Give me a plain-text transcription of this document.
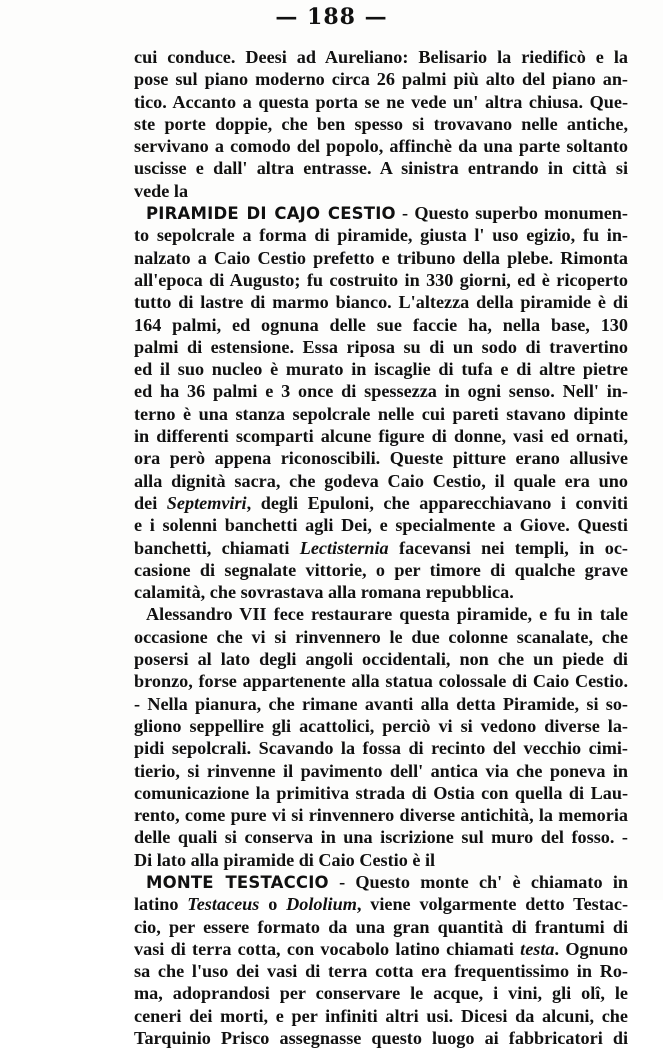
— 188 —
cui conduce. Deesi ad Aureliano: Belisario la riedificò e la
pose sul piano moderno circa 26 palmi più alto del piano an-
tico. Accanto a questa porta se ne vede un' altra chiusa. Que-
ste porte doppie, che ben spesso si trovavano nelle antiche,
servivano a comodo del popolo, affinchè da una parte soltanto
uscisse e dall' altra entrasse. A sinistra entrando in città si
vede la
PIRAMIDE DI CAJO CESTIO - Questo superbo monumen-
to sepolcrale a forma di piramide, giusta l' uso egizio, fu in-
nalzato a Caio Cestio prefetto e tribuno della plebe. Rimonta
all'epoca di Augusto; fu costruito in 330 giorni, ed è ricoperto
tutto di lastre di marmo bianco. L'altezza della piramide è di
164 palmi, ed ognuna delle sue faccie ha, nella base, 130
palmi di estensione. Essa riposa su di un sodo di travertino
ed il suo nucleo è murato in iscaglie di tufa e di altre pietre
ed ha 36 palmi e 3 once di spessezza in ogni senso. Nell' in-
terno è una stanza sepolcrale nelle cui pareti stavano dipinte
in differenti scomparti alcune figure di donne, vasi ed ornati,
ora però appena riconoscibili. Queste pitture erano allusive
alla dignità sacra, che godeva Caio Cestio, il quale era uno
dei Septemviri, degli Epuloni, che apparecchiavano i conviti
e i solenni banchetti agli Dei, e specialmente a Giove. Questi
banchetti, chiamati Lectisternia facevansi nei templi, in oc-
casione di segnalate vittorie, o per timore di qualche grave
calamità, che sovrastava alla romana repubblica.
Alessandro VII fece restaurare questa piramide, e fu in tale
occasione che vi si rinvennero le due colonne scanalate, che
posersi al lato degli angoli occidentali, non che un piede di
bronzo, forse appartenente alla statua colossale di Caio Cestio.
- Nella pianura, che rimane avanti alla detta Piramide, si so-
gliono seppellire gli acattolici, perciò vi si vedono diverse la-
pidi sepolcrali. Scavando la fossa di recinto del vecchio cimi-
tierio, si rinvenne il pavimento dell' antica via che poneva in
comunicazione la primitiva strada di Ostia con quella di Lau-
rento, come pure vi si rinvennero diverse antichità, la memoria
delle quali si conserva in una iscrizione sul muro del fosso. -
Di lato alla piramide di Caio Cestio è il
MONTE TESTACCIO - Questo monte ch' è chiamato in
latino Testaceus o Dololium, viene volgarmente detto Testac-
cio, per essere formato da una gran quantità di frantumi di
vasi di terra cotta, con vocabolo latino chiamati testa. Ognuno
sa che l'uso dei vasi di terra cotta era frequentissimo in Ro-
ma, adoprandosi per conservare le acque, i vini, gli olî, le
ceneri dei morti, e per infiniti altri usi. Dicesi da alcuni, che
Tarquinio Prisco assegnasse questo luogo ai fabbricatori di
